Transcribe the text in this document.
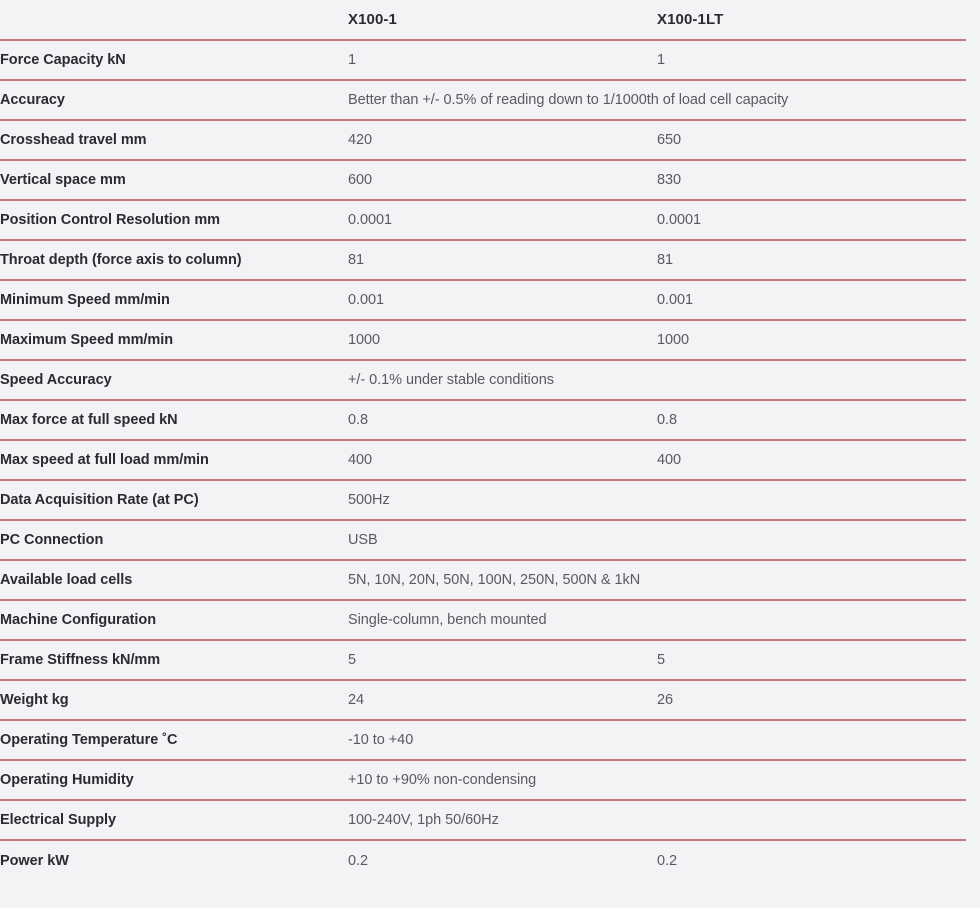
	X100-1	X100-1LT
Force Capacity kN	1	1
Accuracy	Better than +/- 0.5% of reading down to 1/1000th of load cell capacity	
Crosshead travel mm	420	650
Vertical space mm	600	830
Position Control Resolution mm	0.0001	0.0001
Throat depth (force axis to column)	81	81
Minimum Speed mm/min	0.001	0.001
Maximum Speed mm/min	1000	1000
Speed Accuracy	+/- 0.1% under stable conditions	
Max force at full speed kN	0.8	0.8
Max speed at full load mm/min	400	400
Data Acquisition Rate (at PC)	500Hz	
PC Connection	USB	
Available load cells	5N, 10N, 20N, 50N, 100N, 250N, 500N & 1kN	
Machine Configuration	Single-column, bench mounted	
Frame Stiffness kN/mm	5	5
Weight kg	24	26
Operating Temperature ˚C	-10 to +40	
Operating Humidity	+10 to +90% non-condensing	
Electrical Supply	100-240V, 1ph 50/60Hz	
Power kW	0.2	0.2
